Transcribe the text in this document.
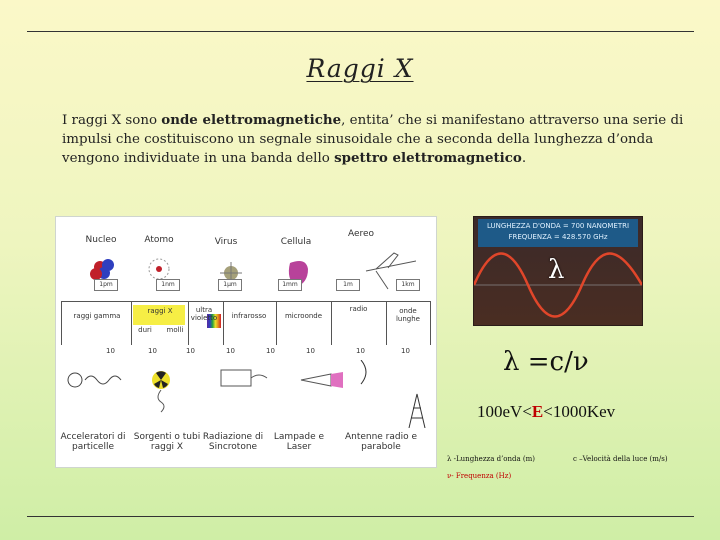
Raggi X
I raggi X sono onde elettromagnetiche, entita’ che si manifestano attraverso una serie di impulsi che costituiscono un segnale sinusoidale che a seconda della lunghezza d’onda vengono individuate in una banda dello spettro elettromagnetico.
Nucleo	Atomo	Virus	Cellula
Aereo
1pm	1nm	1μm	1mm	1m	1km
raggi gamma
raggi X	ultra violetto	infrarosso	microonde
radio	onde lunghe
duri	molli
10	10	10	10	10	10	10	10
Acceleratori di particelle
Sorgenti o tubi raggi X
Radiazione di Sincrotone
Lampade e Laser
Antenne radio e parabole
LUNGHEZZA D'ONDA = 700 NANOMETRI
FREQUENZA = 428.570 GHz
λ
λ =c/ν
100eV<E<1000Kev
λ -Lunghezza d’onda (m)	c –Velocità della luce (m/s)
ν- Frequenza (Hz)
